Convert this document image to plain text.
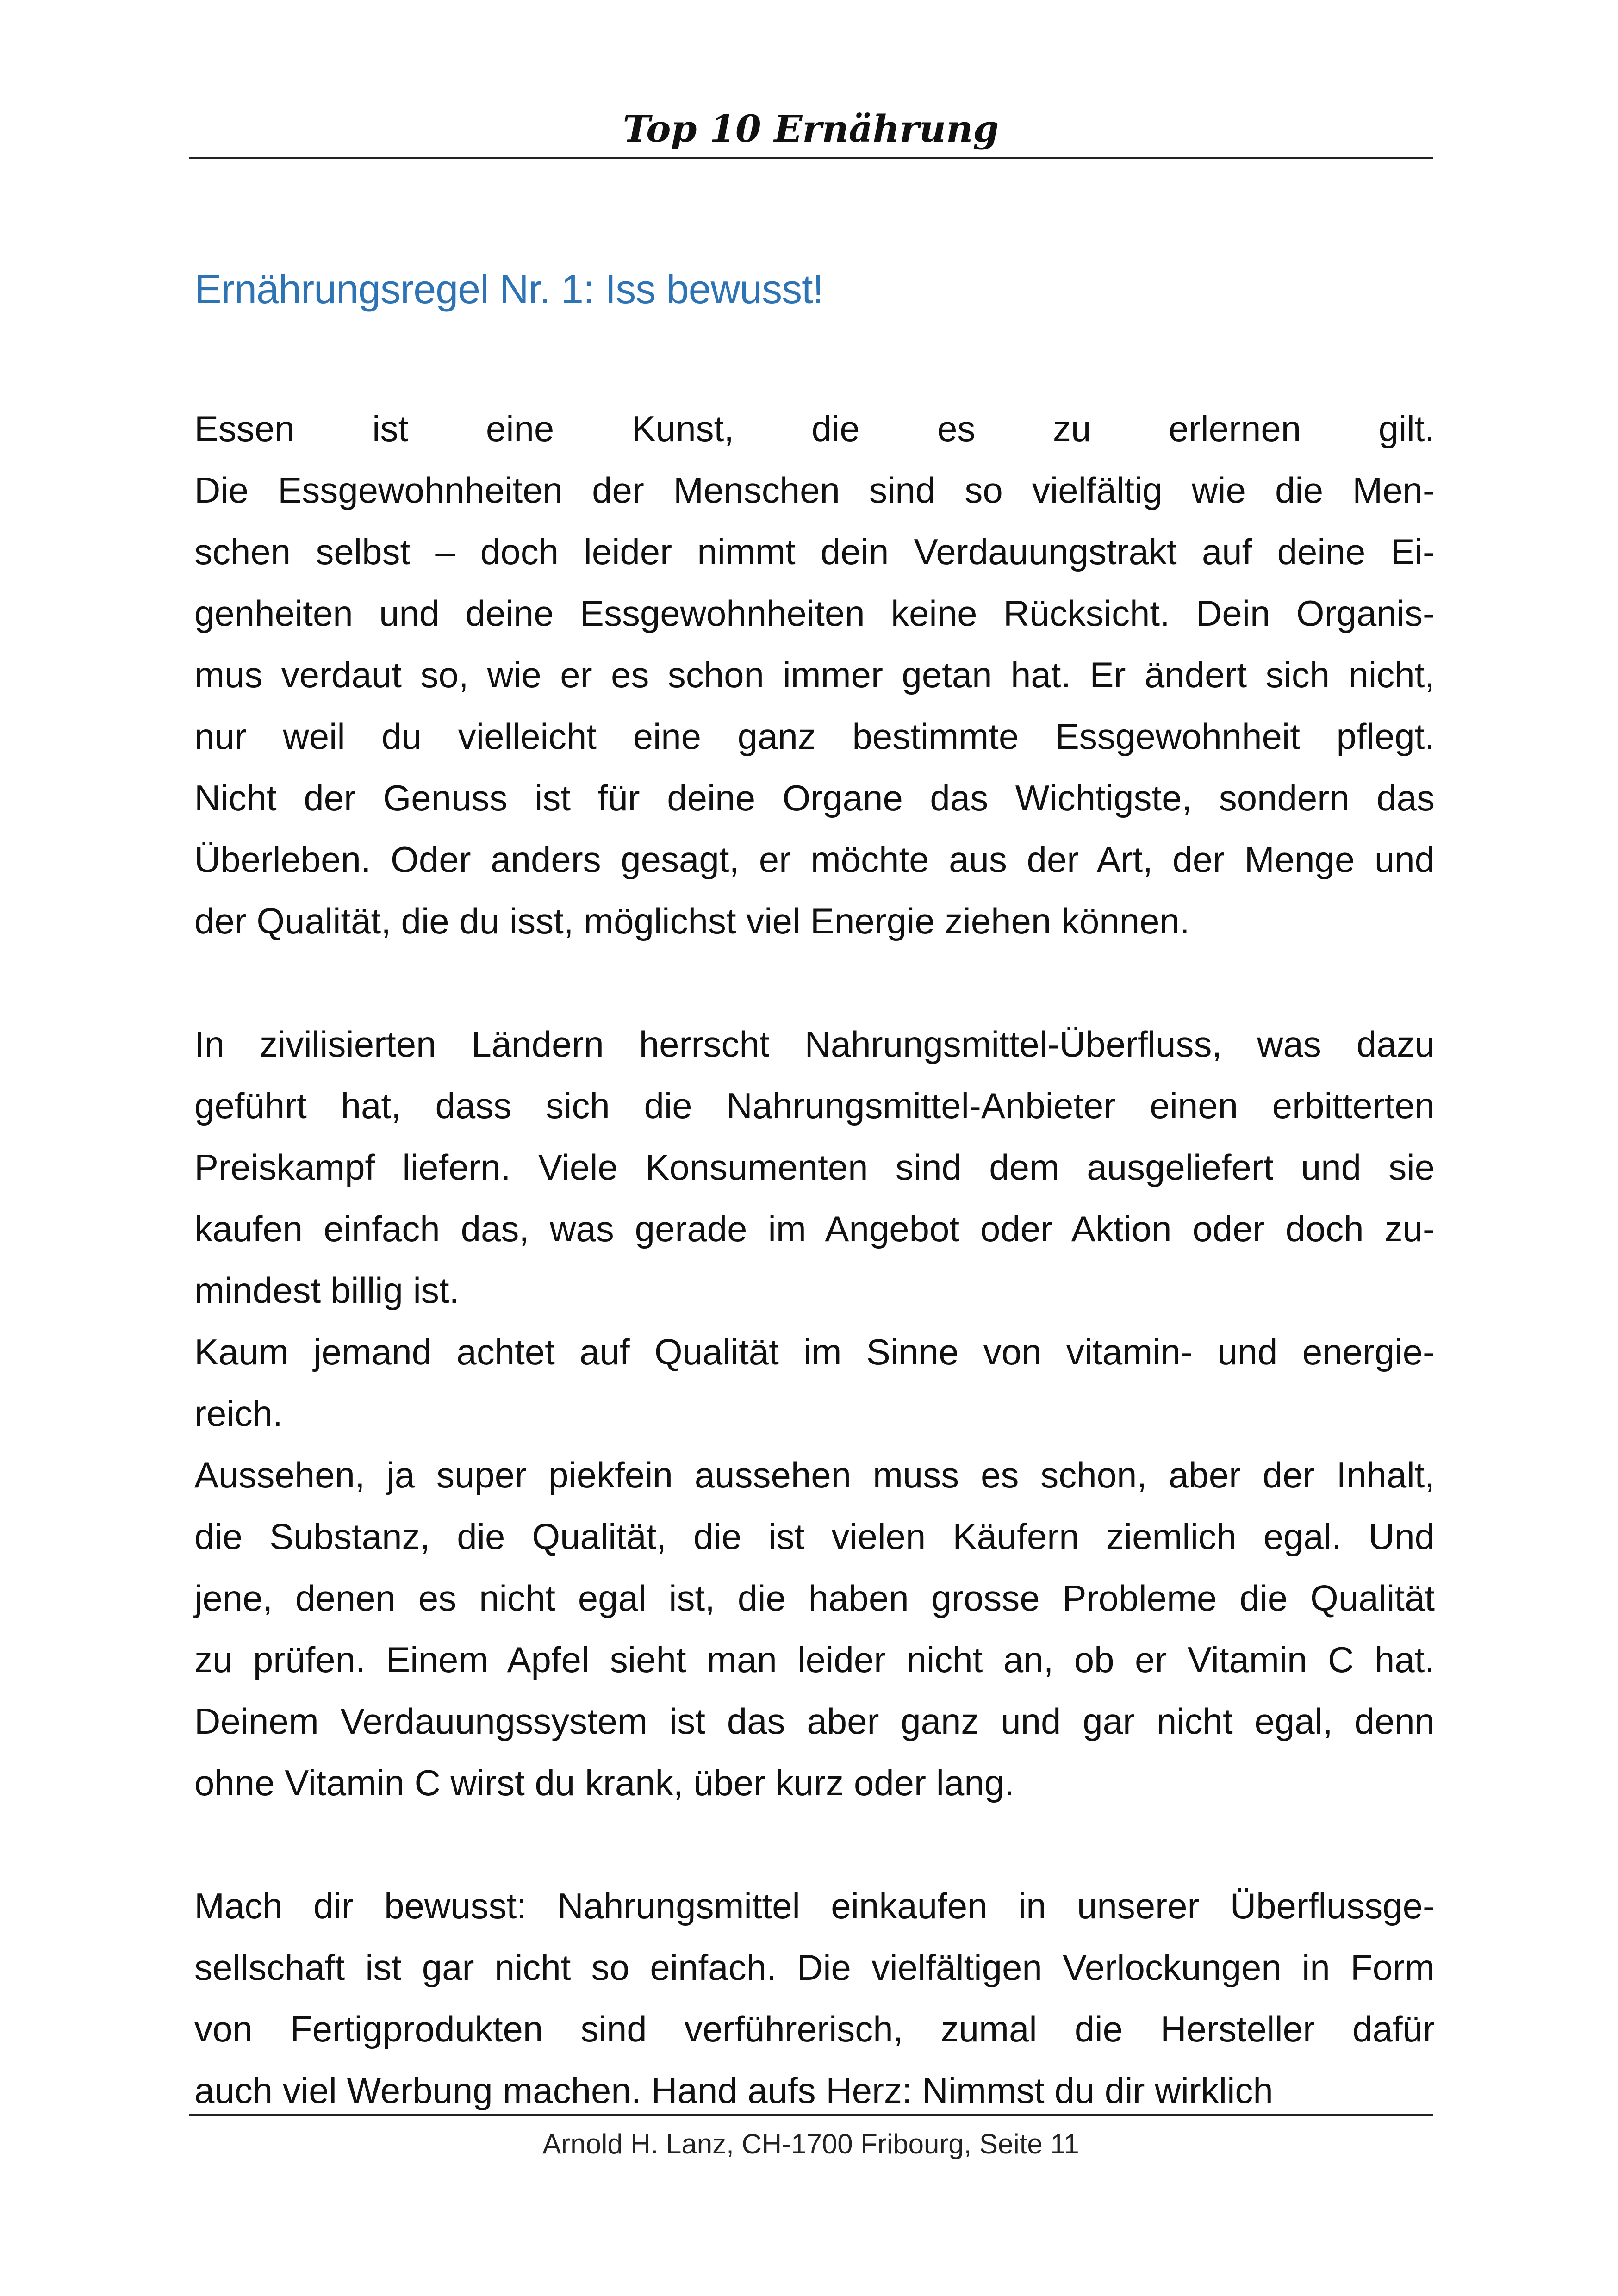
Top 10 Ernährung
Ernährungsregel Nr. 1: Iss bewusst!

Essen ist eine Kunst, die es zu erlernen gilt.

Die Essgewohnheiten der Menschen sind so vielfältig wie die Men-

schen selbst – doch leider nimmt dein Verdauungstrakt auf deine Ei-

genheiten und deine Essgewohnheiten keine Rücksicht. Dein Organis-

mus verdaut so, wie er es schon immer getan hat. Er ändert sich nicht,

nur weil du vielleicht eine ganz bestimmte Essgewohnheit pflegt.

Nicht der Genuss ist für deine Organe das Wichtigste, sondern das

Überleben. Oder anders gesagt, er möchte aus der Art, der Menge und

der Qualität, die du isst, möglichst viel Energie ziehen können.

In zivilisierten Ländern herrscht Nahrungsmittel-Überfluss, was dazu

geführt hat, dass sich die Nahrungsmittel-Anbieter einen erbitterten

Preiskampf liefern. Viele Konsumenten sind dem ausgeliefert und sie

kaufen einfach das, was gerade im Angebot oder Aktion oder doch zu-

mindest billig ist.

Kaum jemand achtet auf Qualität im Sinne von vitamin- und energie-

reich.

Aussehen, ja super piekfein aussehen muss es schon, aber der Inhalt,

die Substanz, die Qualität, die ist vielen Käufern ziemlich egal. Und

jene, denen es nicht egal ist, die haben grosse Probleme die Qualität

zu prüfen. Einem Apfel sieht man leider nicht an, ob er Vitamin C hat.

Deinem Verdauungssystem ist das aber ganz und gar nicht egal, denn

ohne Vitamin C wirst du krank, über kurz oder lang.

Mach dir bewusst: Nahrungsmittel einkaufen in unserer Überflussge-

sellschaft ist gar nicht so einfach. Die vielfältigen Verlockungen in Form

von Fertigprodukten sind verführerisch, zumal die Hersteller dafür

auch viel Werbung machen. Hand aufs Herz: Nimmst du dir wirklich

Arnold H. Lanz, CH-1700 Fribourg, Seite 11
